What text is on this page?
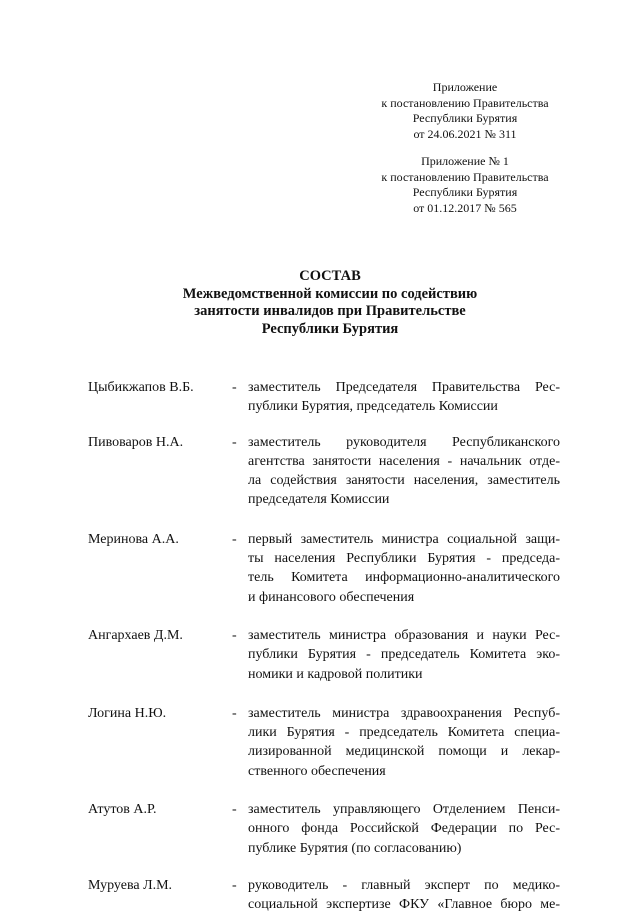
Приложение
к постановлению Правительства
Республики Бурятия
от 24.06.2021 № 311
Приложение № 1
к постановлению Правительства
Республики Бурятия
от 01.12.2017 № 565
СОСТАВ
Межведомственной комиссии по содействию
занятости инвалидов при Правительстве
Республики Бурятия
Цыбикжапов В.Б.	- заместитель Председателя Правительства Рес-
публики Бурятия, председатель Комиссии
Пивоваров Н.А.	- заместитель руководителя Республиканского
агентства занятости населения - начальник отде-
ла содействия занятости населения, заместитель
председателя Комиссии
Меринова А.А.	- первый заместитель министра социальной защи-
ты населения Республики Бурятия - председа-
тель Комитета информационно-аналитического
и финансового обеспечения
Ангархаев Д.М.	- заместитель министра образования и науки Рес-
публики Бурятия - председатель Комитета эко-
номики и кадровой политики
Логина Н.Ю.	- заместитель министра здравоохранения Респуб-
лики Бурятия - председатель Комитета специа-
лизированной медицинской помощи и лекар-
ственного обеспечения
Атутов А.Р.	- заместитель управляющего Отделением Пенси-
онного фонда Российской Федерации по Рес-
публике Бурятия (по согласованию)
Муруева Л.М.	- руководитель - главный эксперт по медико-
социальной экспертизе ФКУ «Главное бюро ме-
